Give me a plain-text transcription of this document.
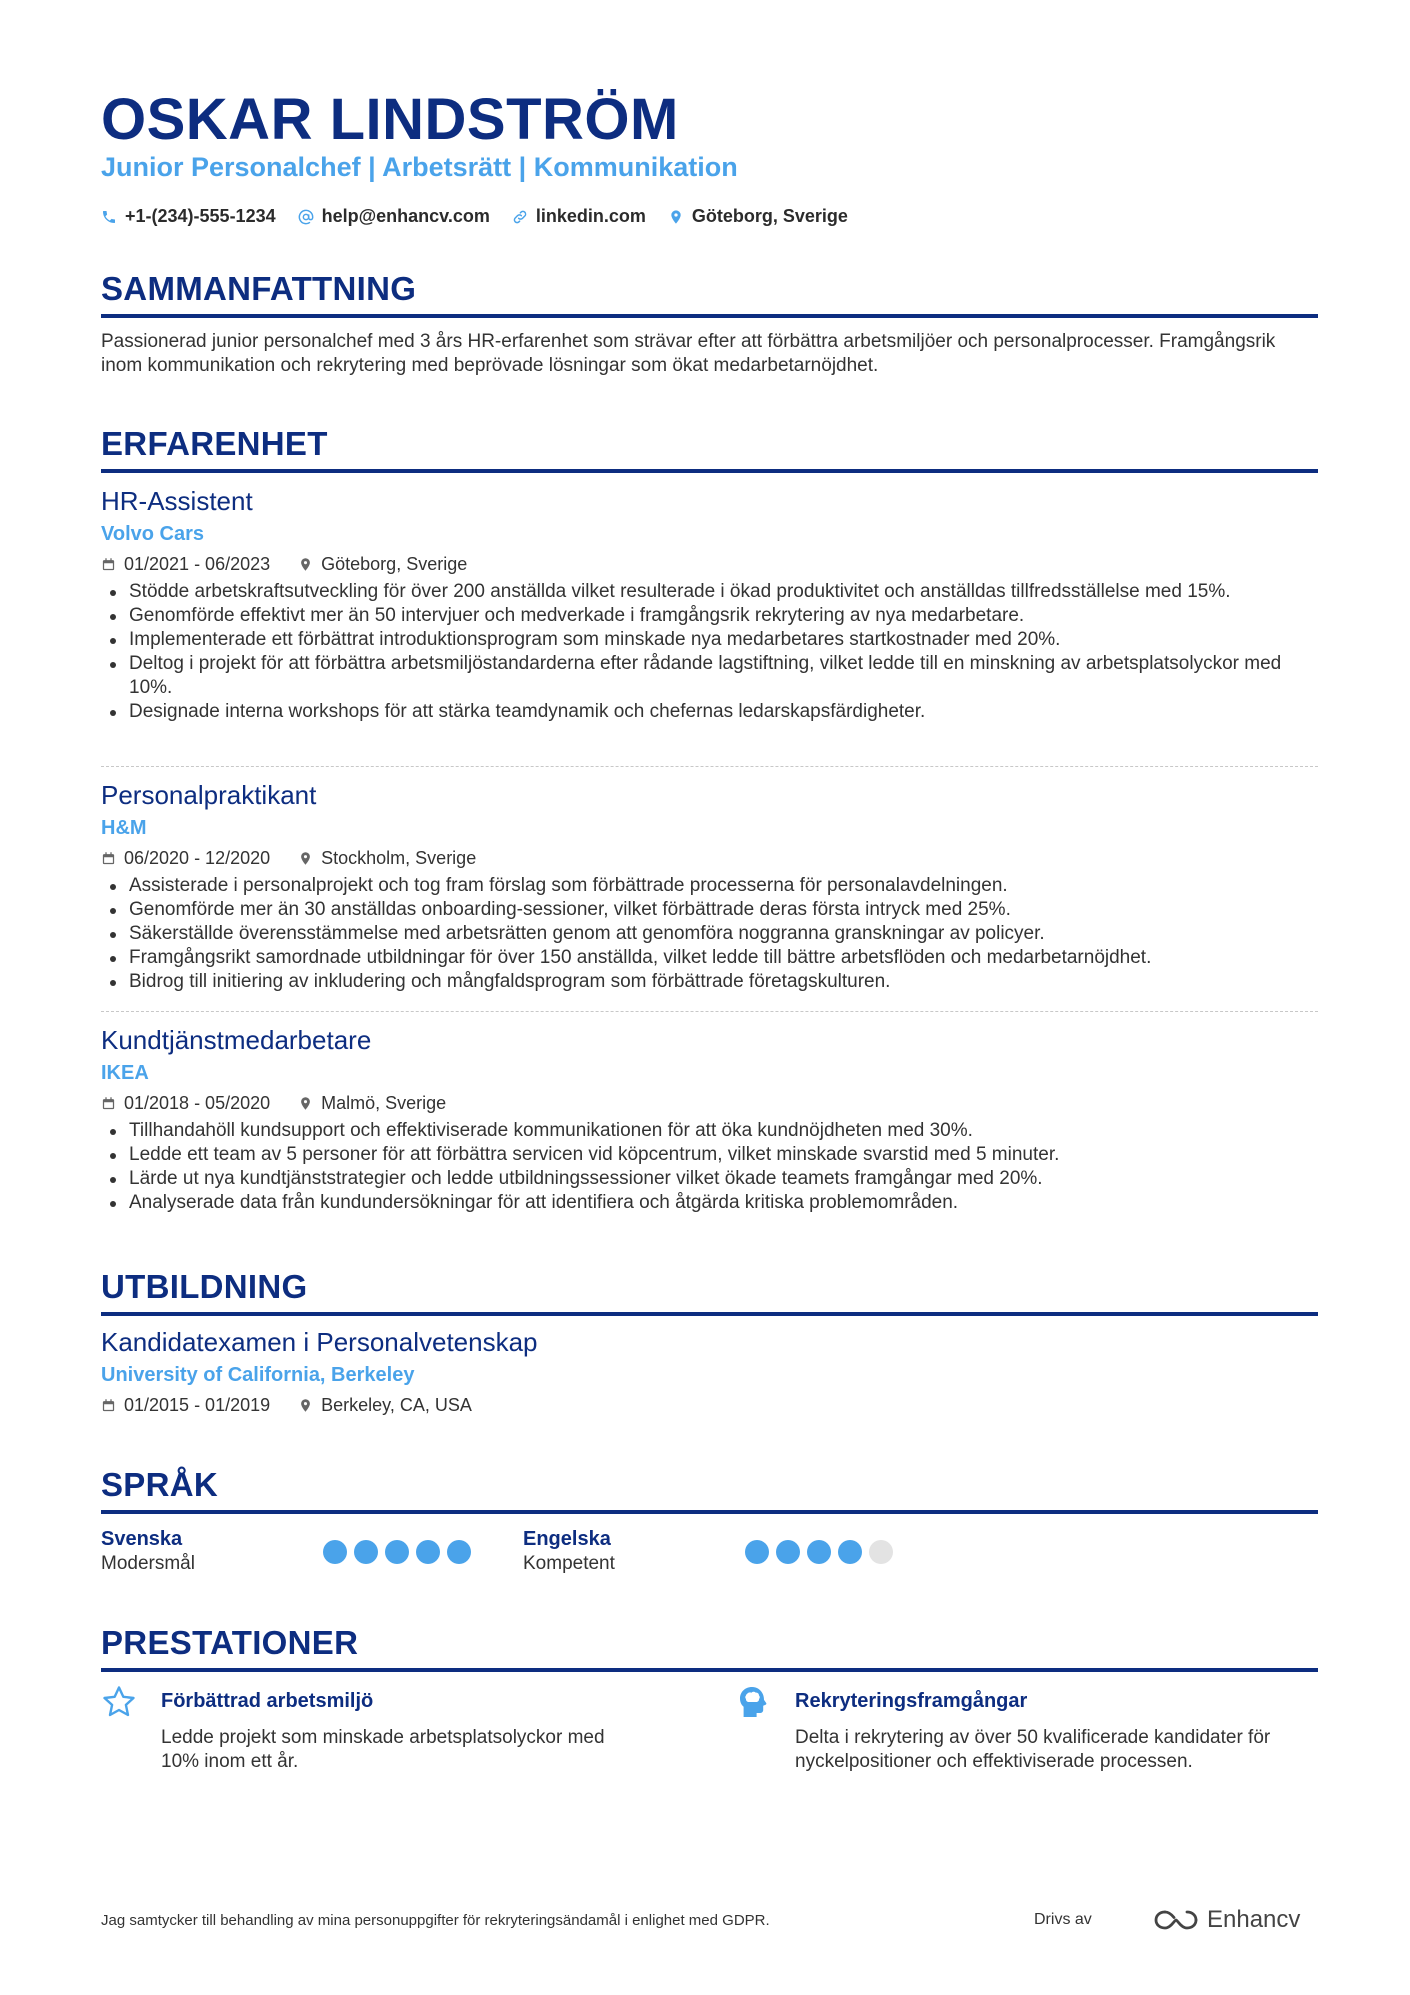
OSKAR LINDSTRÖM
Junior Personalchef | Arbetsrätt | Kommunikation
+1-(234)-555-1234	help@enhancv.com	linkedin.com	Göteborg, Sverige
SAMMANFATTNING
Passionerad junior personalchef med 3 års HR-erfarenhet som strävar efter att förbättra arbetsmiljöer och personalprocesser. Framgångsrik inom kommunikation och rekrytering med beprövade lösningar som ökat medarbetarnöjdhet.
ERFARENHET
HR-Assistent
Volvo Cars
01/2021 - 06/2023	Göteborg, Sverige
Stödde arbetskraftsutveckling för över 200 anställda vilket resulterade i ökad produktivitet och anställdas tillfredsställelse med 15%.
Genomförde effektivt mer än 50 intervjuer och medverkade i framgångsrik rekrytering av nya medarbetare.
Implementerade ett förbättrat introduktionsprogram som minskade nya medarbetares startkostnader med 20%.
Deltog i projekt för att förbättra arbetsmiljöstandarderna efter rådande lagstiftning, vilket ledde till en minskning av arbetsplatsolyckor med 10%.
Designade interna workshops för att stärka teamdynamik och chefernas ledarskapsfärdigheter.
Personalpraktikant
H&M
06/2020 - 12/2020	Stockholm, Sverige
Assisterade i personalprojekt och tog fram förslag som förbättrade processerna för personalavdelningen.
Genomförde mer än 30 anställdas onboarding-sessioner, vilket förbättrade deras första intryck med 25%.
Säkerställde överensstämmelse med arbetsrätten genom att genomföra noggranna granskningar av policyer.
Framgångsrikt samordnade utbildningar för över 150 anställda, vilket ledde till bättre arbetsflöden och medarbetarnöjdhet.
Bidrog till initiering av inkludering och mångfaldsprogram som förbättrade företagskulturen.
Kundtjänstmedarbetare
IKEA
01/2018 - 05/2020	Malmö, Sverige
Tillhandahöll kundsupport och effektiviserade kommunikationen för att öka kundnöjdheten med 30%.
Ledde ett team av 5 personer för att förbättra servicen vid köpcentrum, vilket minskade svarstid med 5 minuter.
Lärde ut nya kundtjänststrategier och ledde utbildningssessioner vilket ökade teamets framgångar med 20%.
Analyserade data från kundundersökningar för att identifiera och åtgärda kritiska problemområden.
UTBILDNING
Kandidatexamen i Personalvetenskap
University of California, Berkeley
01/2015 - 01/2019	Berkeley, CA, USA
SPRÅK
Svenska
Modersmål
Engelska
Kompetent
PRESTATIONER
Förbättrad arbetsmiljö
Ledde projekt som minskade arbetsplatsolyckor med 10% inom ett år.
Rekryteringsframgångar
Delta i rekrytering av över 50 kvalificerade kandidater för nyckelpositioner och effektiviserade processen.
Jag samtycker till behandling av mina personuppgifter för rekryteringsändamål i enlighet med GDPR.	Drivs av	Enhancv
